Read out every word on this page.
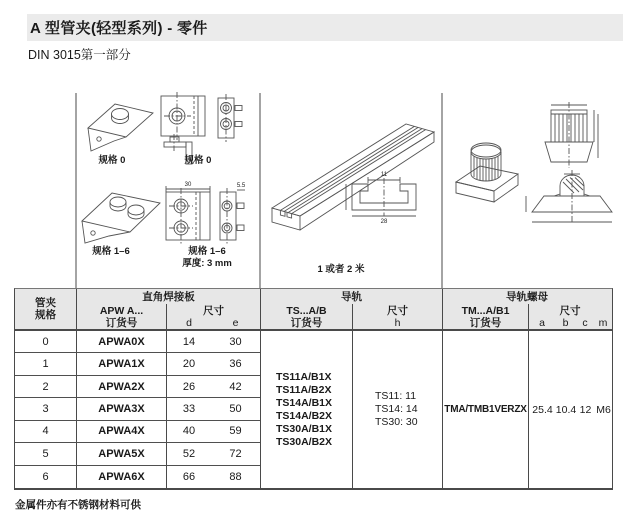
A 型管夹(轻型系列) - 零件
DIN 3015第一部分
规格 0	规格 0
规格 1–6
30	5.5
规格 1–6
厚度: 3 mm
11
28
1 或者 2 米
管夹
规格
直角焊接板	导轨	导轨螺母
APW A...
订货号
尺寸
d	e
TS...A/B
订货号
尺寸
h
TM...A/B1
订货号
尺寸
a	b	c	m
0	APWA0X	14	30
1	APWA1X	20	36
2	APWA2X	26	42
3	APWA3X	33	50
4	APWA4X	40	59
5	APWA5X	52	72
6	APWA6X	66	88
TS11A/B1X
TS11A/B2X
TS14A/B1X
TS14A/B2X
TS30A/B1X
TS30A/B2X
TS11: 11
TS14: 14
TS30: 30
TMA/TMB1VERZX 25.4 10.4 12 M6
金属件亦有不锈钢材料可供
